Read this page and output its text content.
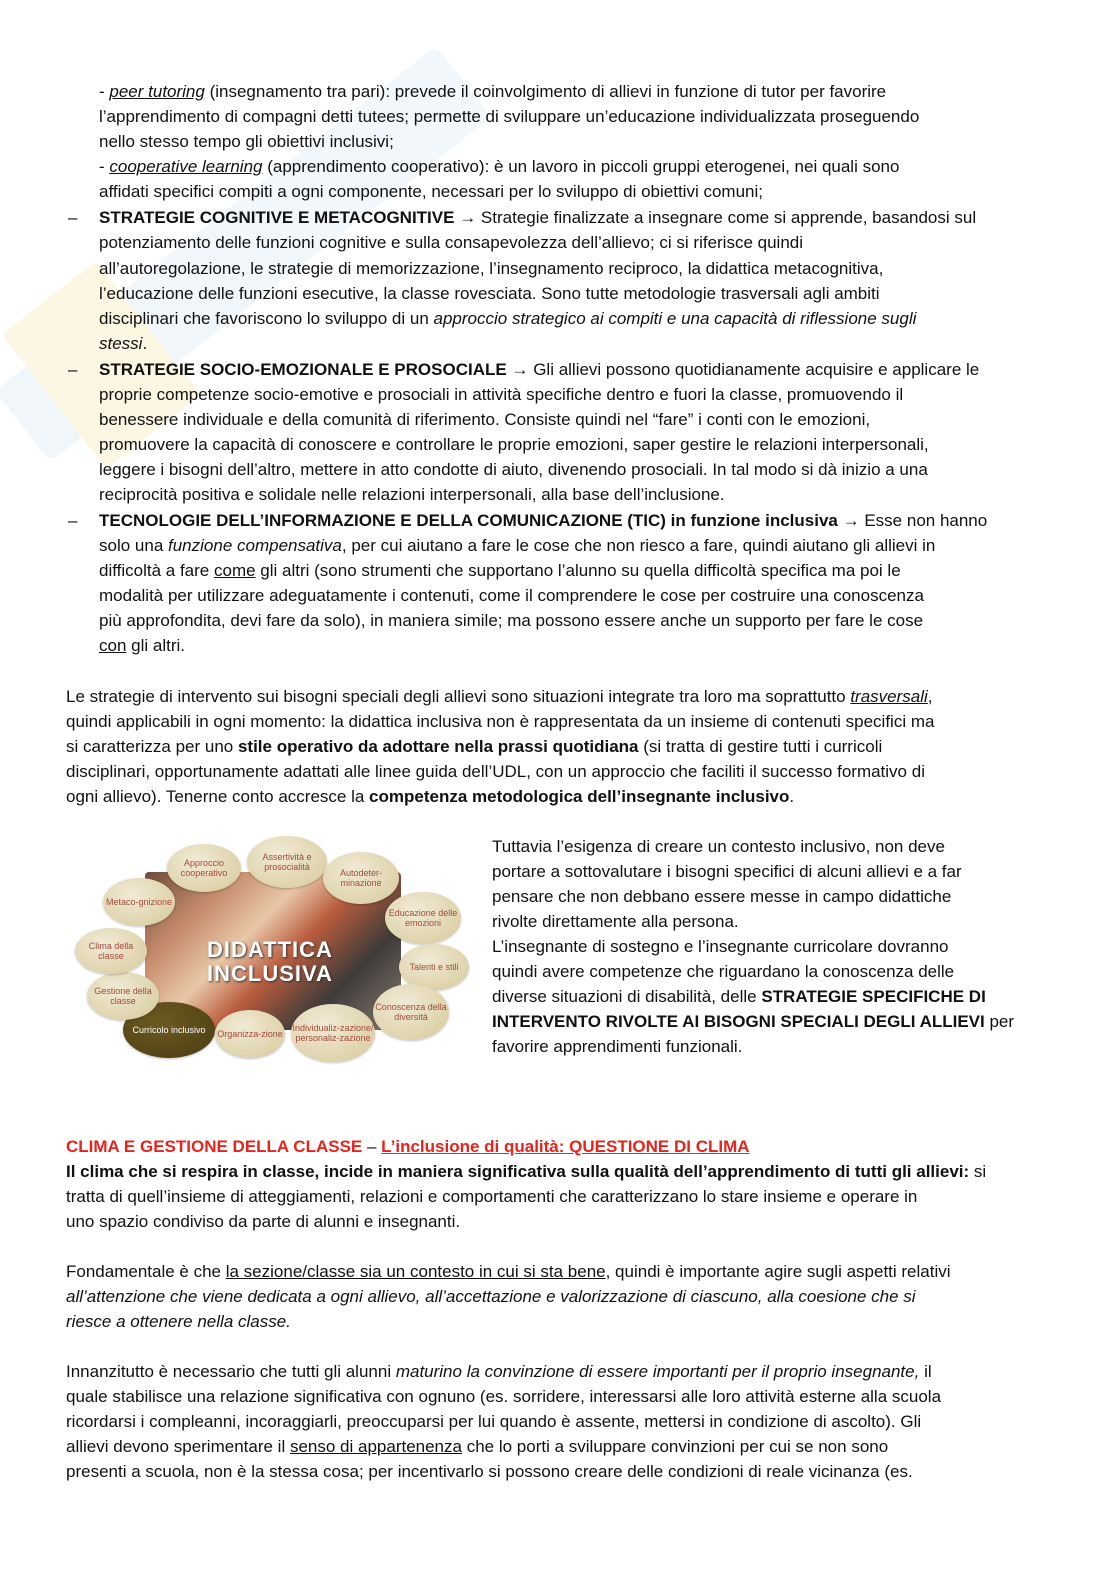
- peer tutoring (insegnamento tra pari): prevede il coinvolgimento di allievi in funzione di tutor per favorire

l’apprendimento di compagni detti tutees; permette di sviluppare un’educazione individualizzata proseguendo

nello stesso tempo gli obiettivi inclusivi;

- cooperative learning (apprendimento cooperativo): è un lavoro in piccoli gruppi eterogenei, nei quali sono

affidati specifici compiti a ogni componente, necessari per lo sviluppo di obiettivi comuni;

– STRATEGIE COGNITIVE E METACOGNITIVE → Strategie finalizzate a insegnare come si apprende, basandosi sul

potenziamento delle funzioni cognitive e sulla consapevolezza dell’allievo; ci si riferisce quindi

all’autoregolazione, le strategie di memorizzazione, l’insegnamento reciproco, la didattica metacognitiva,

l’educazione delle funzioni esecutive, la classe rovesciata. Sono tutte metodologie trasversali agli ambiti

disciplinari che favoriscono lo sviluppo di un approccio strategico ai compiti e una capacità di riflessione sugli

stessi.

– STRATEGIE SOCIO-EMOZIONALE E PROSOCIALE → Gli allievi possono quotidianamente acquisire e applicare le

proprie competenze socio-emotive e prosociali in attività specifiche dentro e fuori la classe, promuovendo il

benessere individuale e della comunità di riferimento. Consiste quindi nel “fare” i conti con le emozioni,

promuovere la capacità di conoscere e controllare le proprie emozioni, saper gestire le relazioni interpersonali,

leggere i bisogni dell’altro, mettere in atto condotte di aiuto, divenendo prosociali. In tal modo si dà inizio a una

reciprocità positiva e solidale nelle relazioni interpersonali, alla base dell’inclusione.

– TECNOLOGIE DELL’INFORMAZIONE E DELLA COMUNICAZIONE (TIC) in funzione inclusiva → Esse non hanno

solo una funzione compensativa, per cui aiutano a fare le cose che non riesco a fare, quindi aiutano gli allievi in

difficoltà a fare come gli altri (sono strumenti che supportano l’alunno su quella difficoltà specifica ma poi le

modalità per utilizzare adeguatamente i contenuti, come il comprendere le cose per costruire una conoscenza

più approfondita, devi fare da solo), in maniera simile; ma possono essere anche un supporto per fare le cose

con gli altri.

Le strategie di intervento sui bisogni speciali degli allievi sono situazioni integrate tra loro ma soprattutto trasversali,

quindi applicabili in ogni momento: la didattica inclusiva non è rappresentata da un insieme di contenuti specifici ma

si caratterizza per uno stile operativo da adottare nella prassi quotidiana (si tratta di gestire tutti i curricoli

disciplinari, opportunamente adattati alle linee guida dell’UDL, con un approccio che faciliti il successo formativo di

ogni allievo). Tenerne conto accresce la competenza metodologica dell’insegnante inclusivo.

DIDATTICA INCLUSIVA
Approccio cooperativo
Assertività e prosocialità
Autodeter-minazione
Educazione delle emozioni
Talenti e stili
Conoscenza della diversità
Individualiz-zazione/ personaliz-zazione
Organizza-zione
Curricolo inclusivo
Gestione della classe
Clima della classe
Metaco-gnizione

Tuttavia l’esigenza di creare un contesto inclusivo, non deve

portare a sottovalutare i bisogni specifici di alcuni allievi e a far

pensare che non debbano essere messe in campo didattiche

rivolte direttamente alla persona.

L’insegnante di sostegno e l’insegnante curricolare dovranno

quindi avere competenze che riguardano la conoscenza delle

diverse situazioni di disabilità, delle STRATEGIE SPECIFICHE DI

INTERVENTO RIVOLTE AI BISOGNI SPECIALI DEGLI ALLIEVI per

favorire apprendimenti funzionali.

CLIMA E GESTIONE DELLA CLASSE – L’inclusione di qualità: QUESTIONE DI CLIMA

Il clima che si respira in classe, incide in maniera significativa sulla qualità dell’apprendimento di tutti gli allievi: si

tratta di quell’insieme di atteggiamenti, relazioni e comportamenti che caratterizzano lo stare insieme e operare in

uno spazio condiviso da parte di alunni e insegnanti.

Fondamentale è che la sezione/classe sia un contesto in cui si sta bene, quindi è importante agire sugli aspetti relativi

all’attenzione che viene dedicata a ogni allievo, all’accettazione e valorizzazione di ciascuno, alla coesione che si

riesce a ottenere nella classe.

Innanzitutto è necessario che tutti gli alunni maturino la convinzione di essere importanti per il proprio insegnante, il

quale stabilisce una relazione significativa con ognuno (es. sorridere, interessarsi alle loro attività esterne alla scuola

ricordarsi i compleanni, incoraggiarli, preoccuparsi per lui quando è assente, mettersi in condizione di ascolto). Gli

allievi devono sperimentare il senso di appartenenza che lo porti a sviluppare convinzioni per cui se non sono

presenti a scuola, non è la stessa cosa; per incentivarlo si possono creare delle condizioni di reale vicinanza (es.
